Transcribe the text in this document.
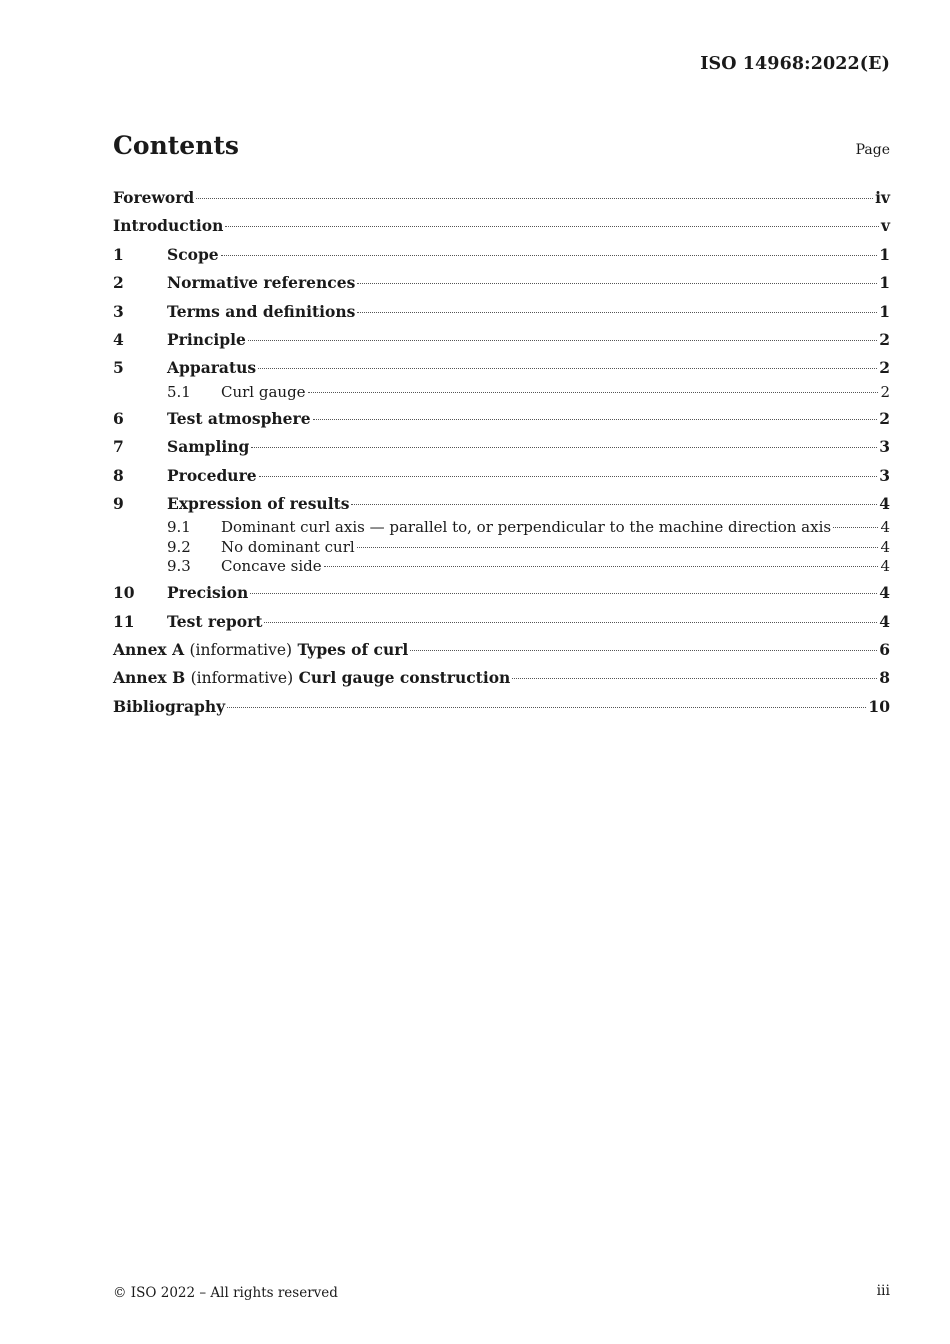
ISO 14968:2022(E)
Contents	Page
Foreword	iv
Introduction	v
1	Scope	1
2	Normative references	1
3	Terms and definitions	1
4	Principle	2
5	Apparatus	2
5.1	Curl gauge	2
6	Test atmosphere	2
7	Sampling	3
8	Procedure	3
9	Expression of results	4
9.1	Dominant curl axis — parallel to, or perpendicular to the machine direction axis	4
9.2	No dominant curl	4
9.3	Concave side	4
10	Precision	4
11	Test report	4
Annex A (informative) Types of curl	6
Annex B (informative) Curl gauge construction	8
Bibliography	10
© ISO 2022 – All rights reserved	iii
